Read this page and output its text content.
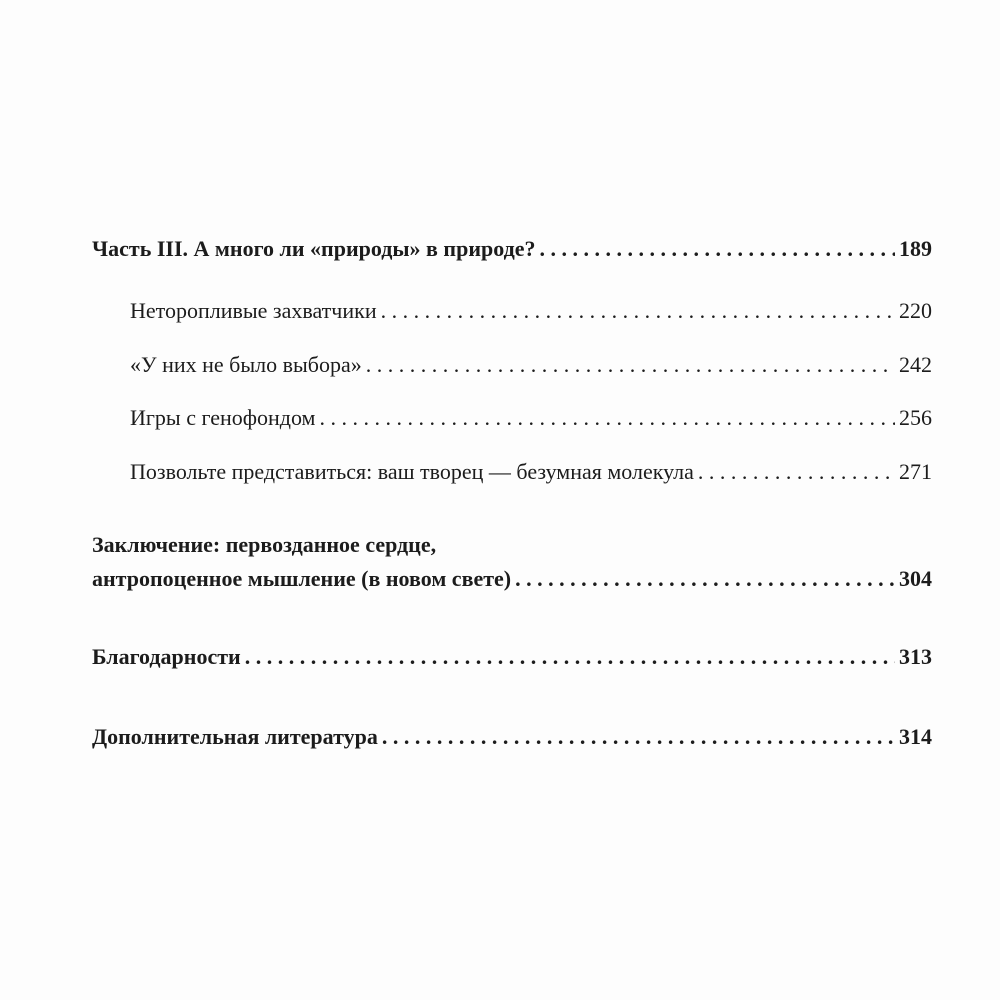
Часть III. А много ли «природы» в природе? . . .	189
Неторопливые захватчики . . .	220
«У них не было выбора» . . .	242
Игры с генофондом . . .	256
Позвольте представиться: ваш творец — безумная молекула . . .	271
Заключение: первозданное сердце,
антропоценное мышление (в новом свете) . . .	304
Благодарности . . .	313
Дополнительная литература . . .	314
